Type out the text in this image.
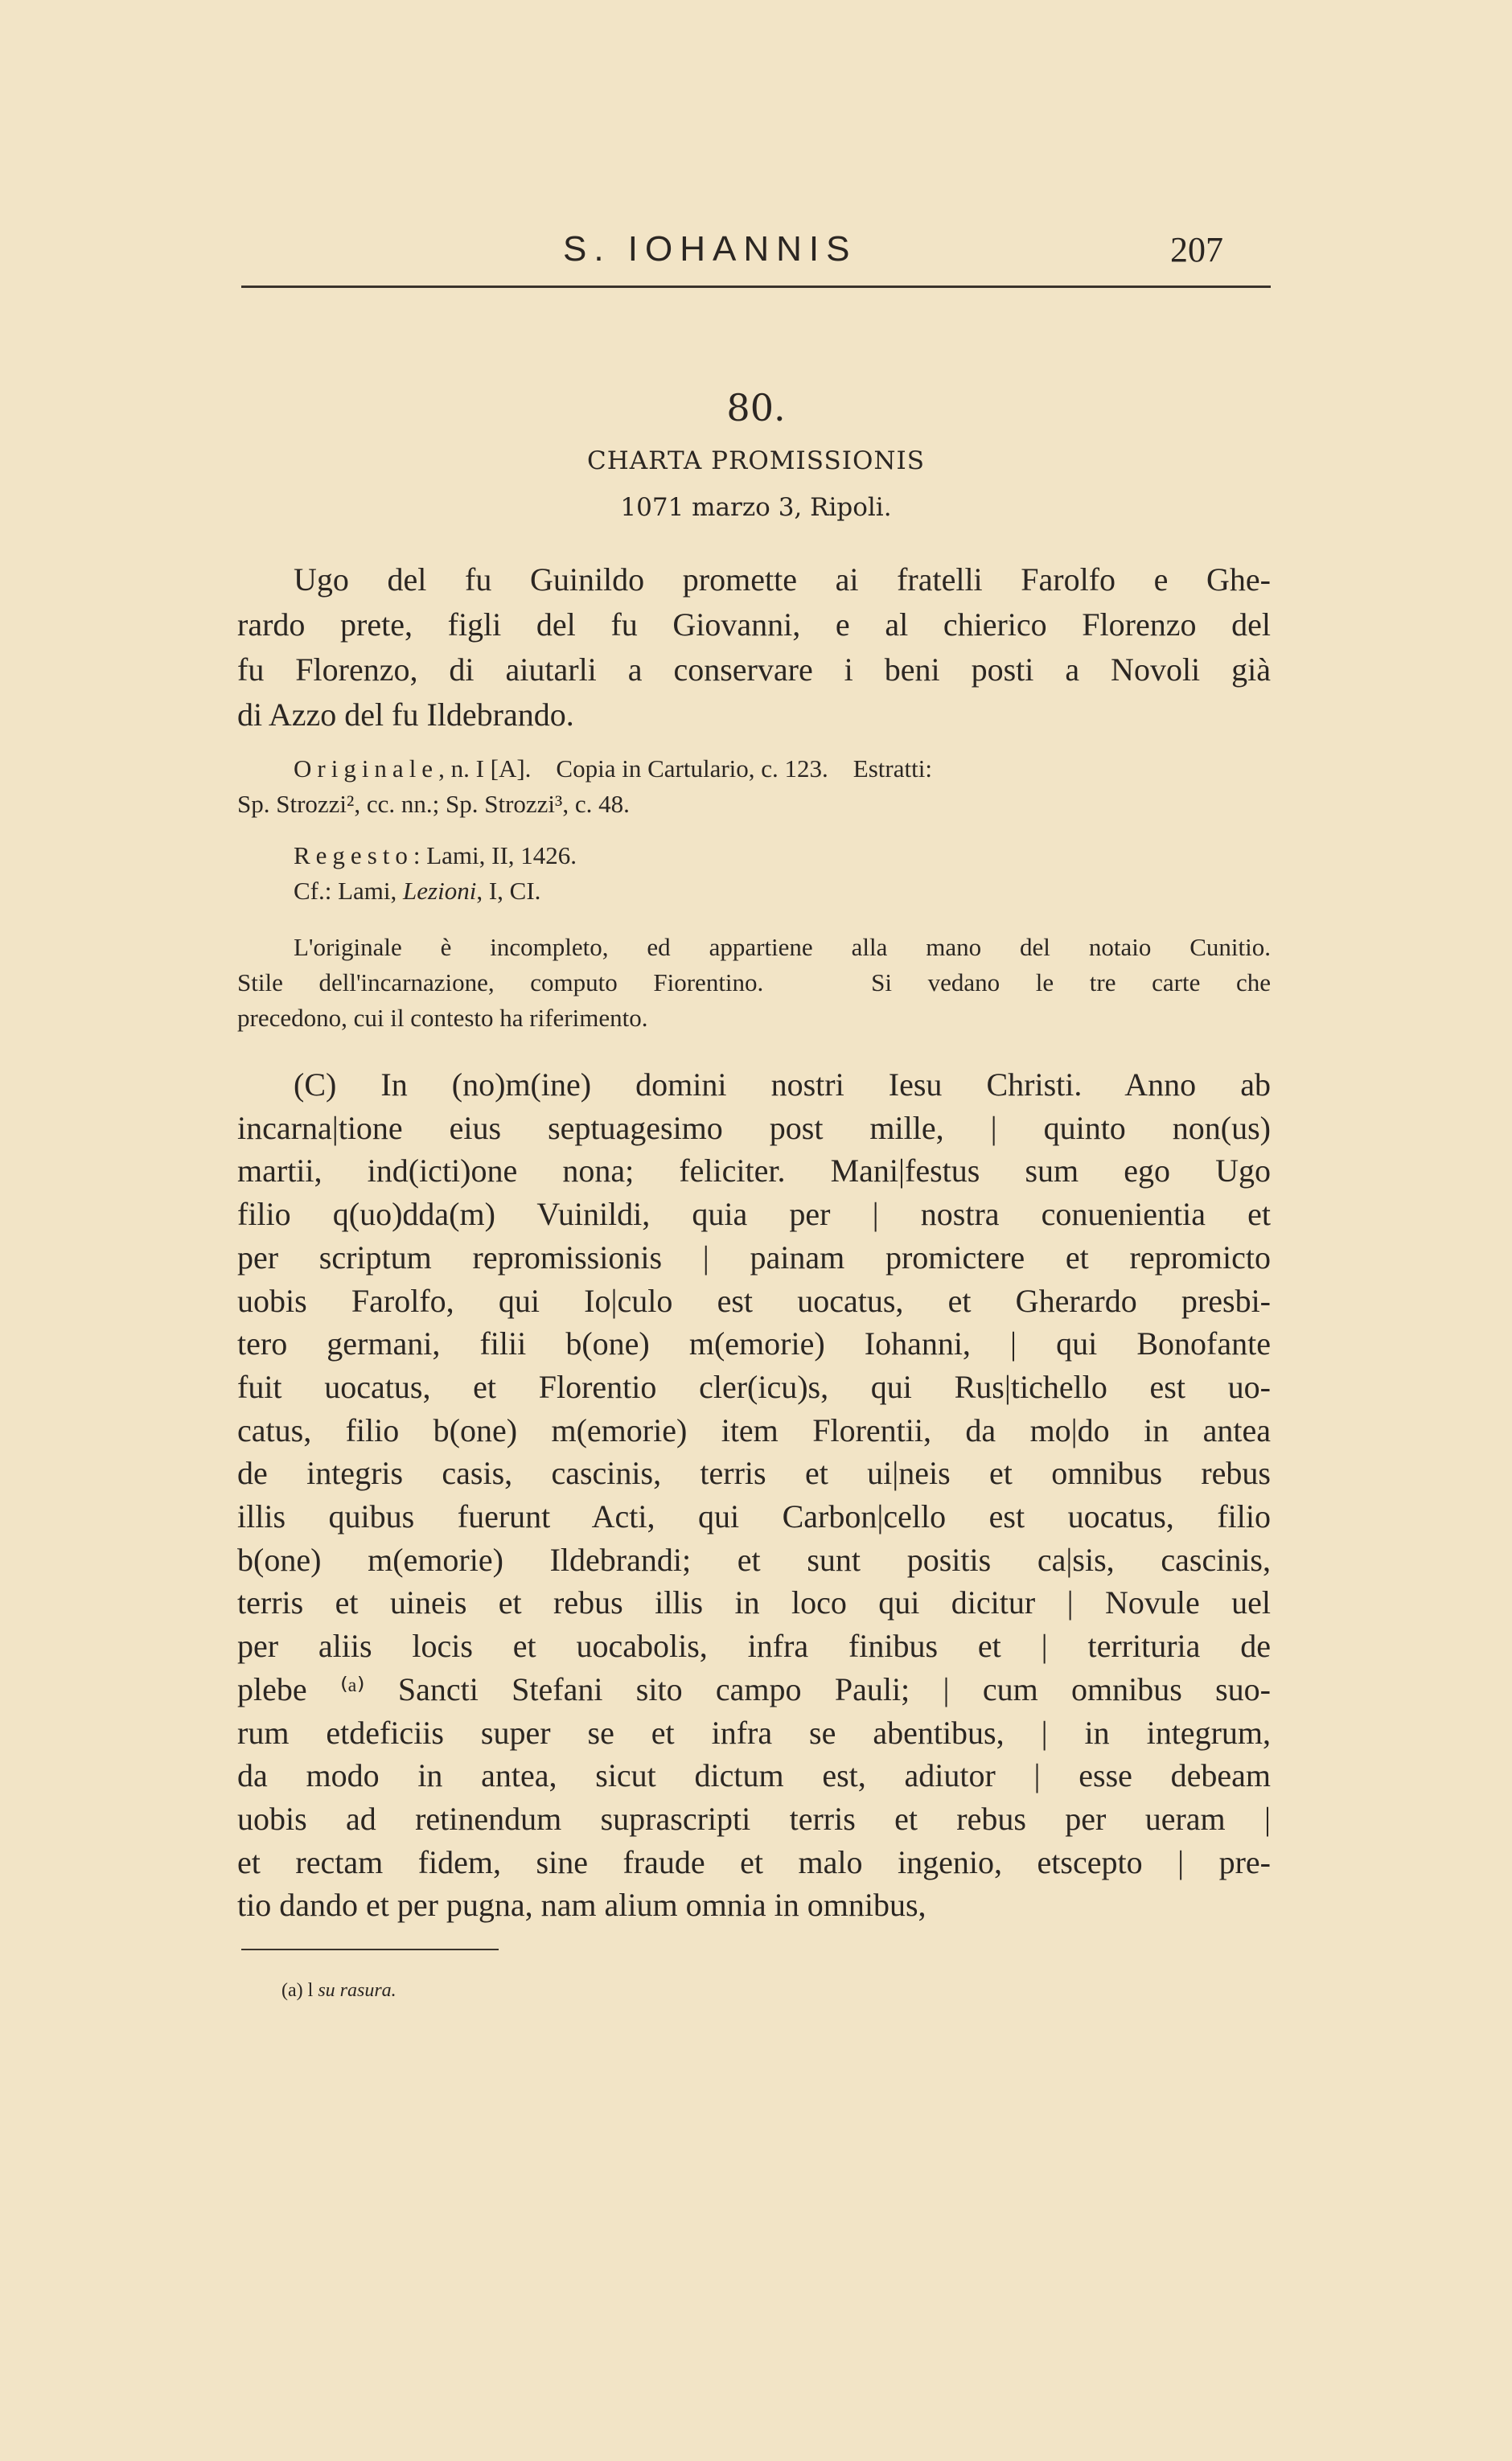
S. IOHANNIS	207
80.
CHARTA PROMISSIONIS
1071 marzo 3, Ripoli.
Ugo del fu Guinildo promette ai fratelli Farolfo e Ghe-
rardo prete, figli del fu Giovanni, e al chierico Florenzo del
fu Florenzo, di aiutarli a conservare i beni posti a Novoli già
di Azzo del fu Ildebrando.
Originale, n. I [A].    Copia in Cartulario, c. 123.    Estratti:
Sp. Strozzi², cc. nn.; Sp. Strozzi³, c. 48.
Regesto: Lami, II, 1426.
Cf.: Lami, Lezioni, I, CI.
L'originale è incompleto, ed appartiene alla mano del notaio Cunitio.
Stile dell'incarnazione, computo Fiorentino.   Si vedano le tre carte che
precedono, cui il contesto ha riferimento.
(C) In (no)m(ine) domini nostri Iesu Christi. Anno ab
incarna|tione eius septuagesimo post mille, | quinto non(us)
martii, ind(icti)one nona; feliciter. Mani|festus sum ego Ugo
filio q(uo)dda(m) Vuinildi, quia per | nostra conuenientia et
per scriptum repromissionis | painam promictere et repromicto
uobis Farolfo, qui Io|culo est uocatus, et Gherardo presbi-
tero germani, filii b(one) m(emorie) Iohanni, | qui Bonofante
fuit uocatus, et Florentio cler(icu)s, qui Rus|tichello est uo-
catus, filio b(one) m(emorie) item Florentii, da mo|do in antea
de integris casis, cascinis, terris et ui|neis et omnibus rebus
illis quibus fuerunt Acti, qui Carbon|cello est uocatus, filio
b(one) m(emorie) Ildebrandi; et sunt positis ca|sis, cascinis,
terris et uineis et rebus illis in loco qui dicitur | Novule uel
per aliis locis et uocabolis, infra finibus et | territuria de
plebe ⁽ᵃ⁾ Sancti Stefani sito campo Pauli; | cum omnibus suo-
rum etdeficiis super se et infra se abentibus, | in integrum,
da modo in antea, sicut dictum est, adiutor | esse debeam
uobis ad retinendum suprascripti terris et rebus per ueram |
et rectam fidem, sine fraude et malo ingenio, etscepto | pre-
tio dando et per pugna, nam alium omnia in omnibus,
(a) l su rasura.
